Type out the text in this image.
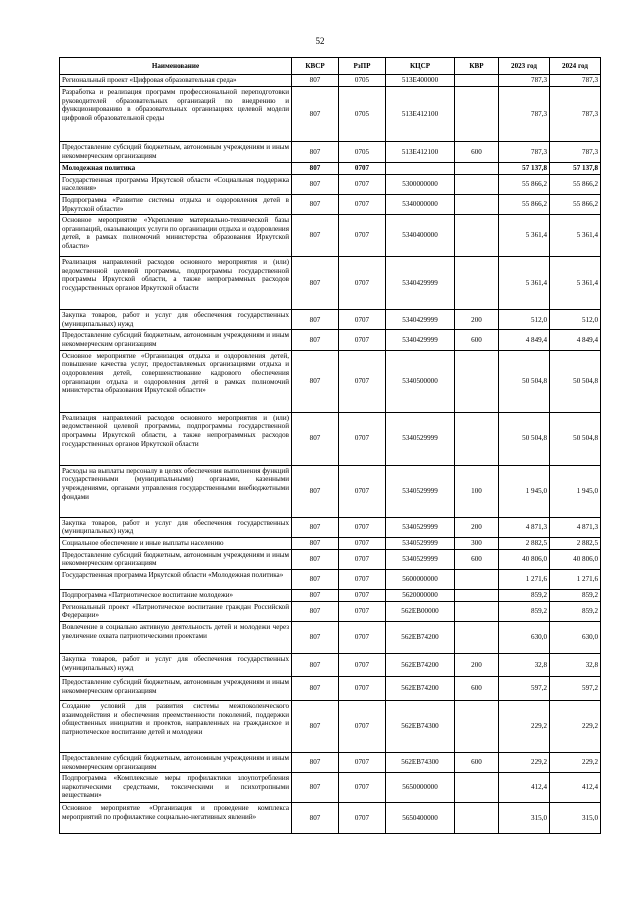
52
Наименование	КВСР	РзПР	КЦСР	КВР	2023 год	2024 год
Региональный проект «Цифровая образовательная среда»	807	0705	513E400000		787,3	787,3
Разработка и реализация программ профессиональной переподготовки руководителей образовательных организаций по внедрению и функционированию в образовательных организациях целевой модели цифровой образовательной среды	807	0705	513E412100		787,3	787,3
Предоставление субсидий бюджетным, автономным учреждениям и иным некоммерческим организациям	807	0705	513E412100	600	787,3	787,3
Молодежная политика	807	0707			57 137,8	57 137,8
Государственная программа Иркутской области «Социальная поддержка населения»	807	0707	5300000000		55 866,2	55 866,2
Подпрограмма «Развитие системы отдыха и оздоровления детей в Иркутской области»	807	0707	5340000000		55 866,2	55 866,2
Основное мероприятие «Укрепление материально-технической базы организаций, оказывающих услуги по организации отдыха и оздоровления детей, в рамках полномочий министерства образования Иркутской области»	807	0707	5340400000		5 361,4	5 361,4
Реализация направлений расходов основного мероприятия и (или) ведомственной целевой программы, подпрограммы государственной программы Иркутской области, а также непрограммных расходов государственных органов Иркутской области	807	0707	5340429999		5 361,4	5 361,4
Закупка товаров, работ и услуг для обеспечения государственных (муниципальных) нужд	807	0707	5340429999	200	512,0	512,0
Предоставление субсидий бюджетным, автономным учреждениям и иным некоммерческим организациям	807	0707	5340429999	600	4 849,4	4 849,4
Основное мероприятие «Организация отдыха и оздоровления детей, повышение качества услуг, предоставляемых организациями отдыха и оздоровления детей, совершенствование кадрового обеспечения организации отдыха и оздоровления детей в рамках полномочий министерства образования Иркутской области»	807	0707	5340500000		50 504,8	50 504,8
Реализация направлений расходов основного мероприятия и (или) ведомственной целевой программы, подпрограммы государственной программы Иркутской области, а также непрограммных расходов государственных органов Иркутской области	807	0707	5340529999		50 504,8	50 504,8
Расходы на выплаты персоналу в целях обеспечения выполнения функций государственными (муниципальными) органами, казенными учреждениями, органами управления государственными внебюджетными фондами	807	0707	5340529999	100	1 945,0	1 945,0
Закупка товаров, работ и услуг для обеспечения государственных (муниципальных) нужд	807	0707	5340529999	200	4 871,3	4 871,3
Социальное обеспечение и иные выплаты населению	807	0707	5340529999	300	2 882,5	2 882,5
Предоставление субсидий бюджетным, автономным учреждениям и иным некоммерческим организациям	807	0707	5340529999	600	40 806,0	40 806,0
Государственная программа Иркутской области «Молодежная политика»	807	0707	5600000000		1 271,6	1 271,6
Подпрограмма «Патриотическое воспитание молодежи»	807	0707	5620000000		859,2	859,2
Региональный проект «Патриотическое воспитание граждан Российской Федерации»	807	0707	562EB00000		859,2	859,2
Вовлечение в социально активную деятельность детей и молодежи через увеличение охвата патриотическими проектами	807	0707	562EB74200		630,0	630,0
Закупка товаров, работ и услуг для обеспечения государственных (муниципальных) нужд	807	0707	562EB74200	200	32,8	32,8
Предоставление субсидий бюджетным, автономным учреждениям и иным некоммерческим организациям	807	0707	562EB74200	600	597,2	597,2
Создание условий для развития системы межпоколенческого взаимодействия и обеспечения преемственности поколений, поддержки общественных инициатив и проектов, направленных на гражданское и патриотическое воспитание детей и молодежи	807	0707	562EB74300		229,2	229,2
Предоставление субсидий бюджетным, автономным учреждениям и иным некоммерческим организациям	807	0707	562EB74300	600	229,2	229,2
Подпрограмма «Комплексные меры профилактики злоупотребления наркотическими средствами, токсическими и психотропными веществами»	807	0707	5650000000		412,4	412,4
Основное мероприятие «Организация и проведение комплекса мероприятий по профилактике социально-негативных явлений»	807	0707	5650400000		315,0	315,0
